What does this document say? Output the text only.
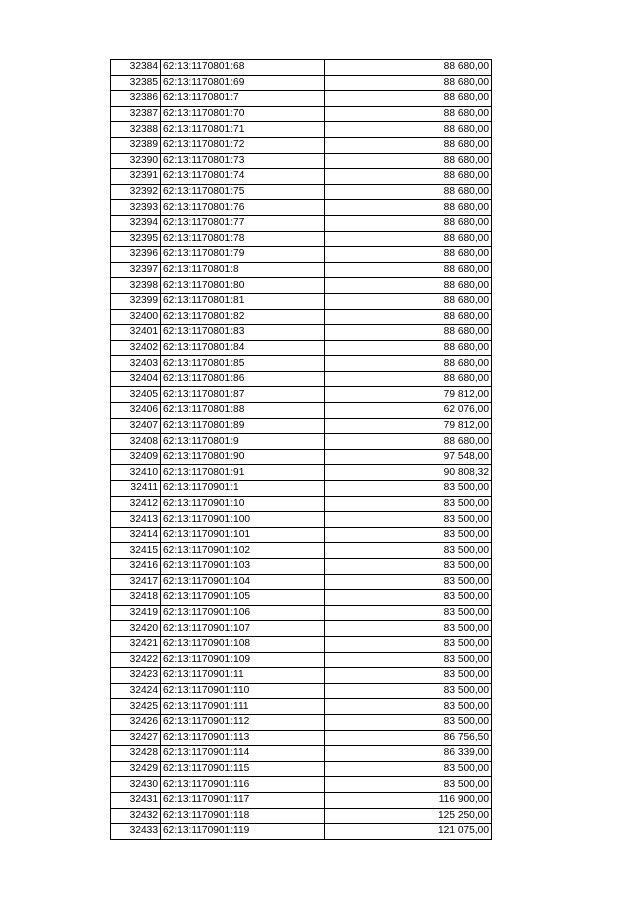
32384	62:13:1170801:68	88 680,00
32385	62:13:1170801:69	88 680,00
32386	62:13:1170801:7	88 680,00
32387	62:13:1170801:70	88 680,00
32388	62:13:1170801:71	88 680,00
32389	62:13:1170801:72	88 680,00
32390	62:13:1170801:73	88 680,00
32391	62:13:1170801:74	88 680,00
32392	62:13:1170801:75	88 680,00
32393	62:13:1170801:76	88 680,00
32394	62:13:1170801:77	88 680,00
32395	62:13:1170801:78	88 680,00
32396	62:13:1170801:79	88 680,00
32397	62:13:1170801:8	88 680,00
32398	62:13:1170801:80	88 680,00
32399	62:13:1170801:81	88 680,00
32400	62:13:1170801:82	88 680,00
32401	62:13:1170801:83	88 680,00
32402	62:13:1170801:84	88 680,00
32403	62:13:1170801:85	88 680,00
32404	62:13:1170801:86	88 680,00
32405	62:13:1170801:87	79 812,00
32406	62:13:1170801:88	62 076,00
32407	62:13:1170801:89	79 812,00
32408	62:13:1170801:9	88 680,00
32409	62:13:1170801:90	97 548,00
32410	62:13:1170801:91	90 808,32
32411	62:13:1170901:1	83 500,00
32412	62:13:1170901:10	83 500,00
32413	62:13:1170901:100	83 500,00
32414	62:13:1170901:101	83 500,00
32415	62:13:1170901:102	83 500,00
32416	62:13:1170901:103	83 500,00
32417	62:13:1170901:104	83 500,00
32418	62:13:1170901:105	83 500,00
32419	62:13:1170901:106	83 500,00
32420	62:13:1170901:107	83 500,00
32421	62:13:1170901:108	83 500,00
32422	62:13:1170901:109	83 500,00
32423	62:13:1170901:11	83 500,00
32424	62:13:1170901:110	83 500,00
32425	62:13:1170901:111	83 500,00
32426	62:13:1170901:112	83 500,00
32427	62:13:1170901:113	86 756,50
32428	62:13:1170901:114	86 339,00
32429	62:13:1170901:115	83 500,00
32430	62:13:1170901:116	83 500,00
32431	62:13:1170901:117	116 900,00
32432	62:13:1170901:118	125 250,00
32433	62:13:1170901:119	121 075,00
